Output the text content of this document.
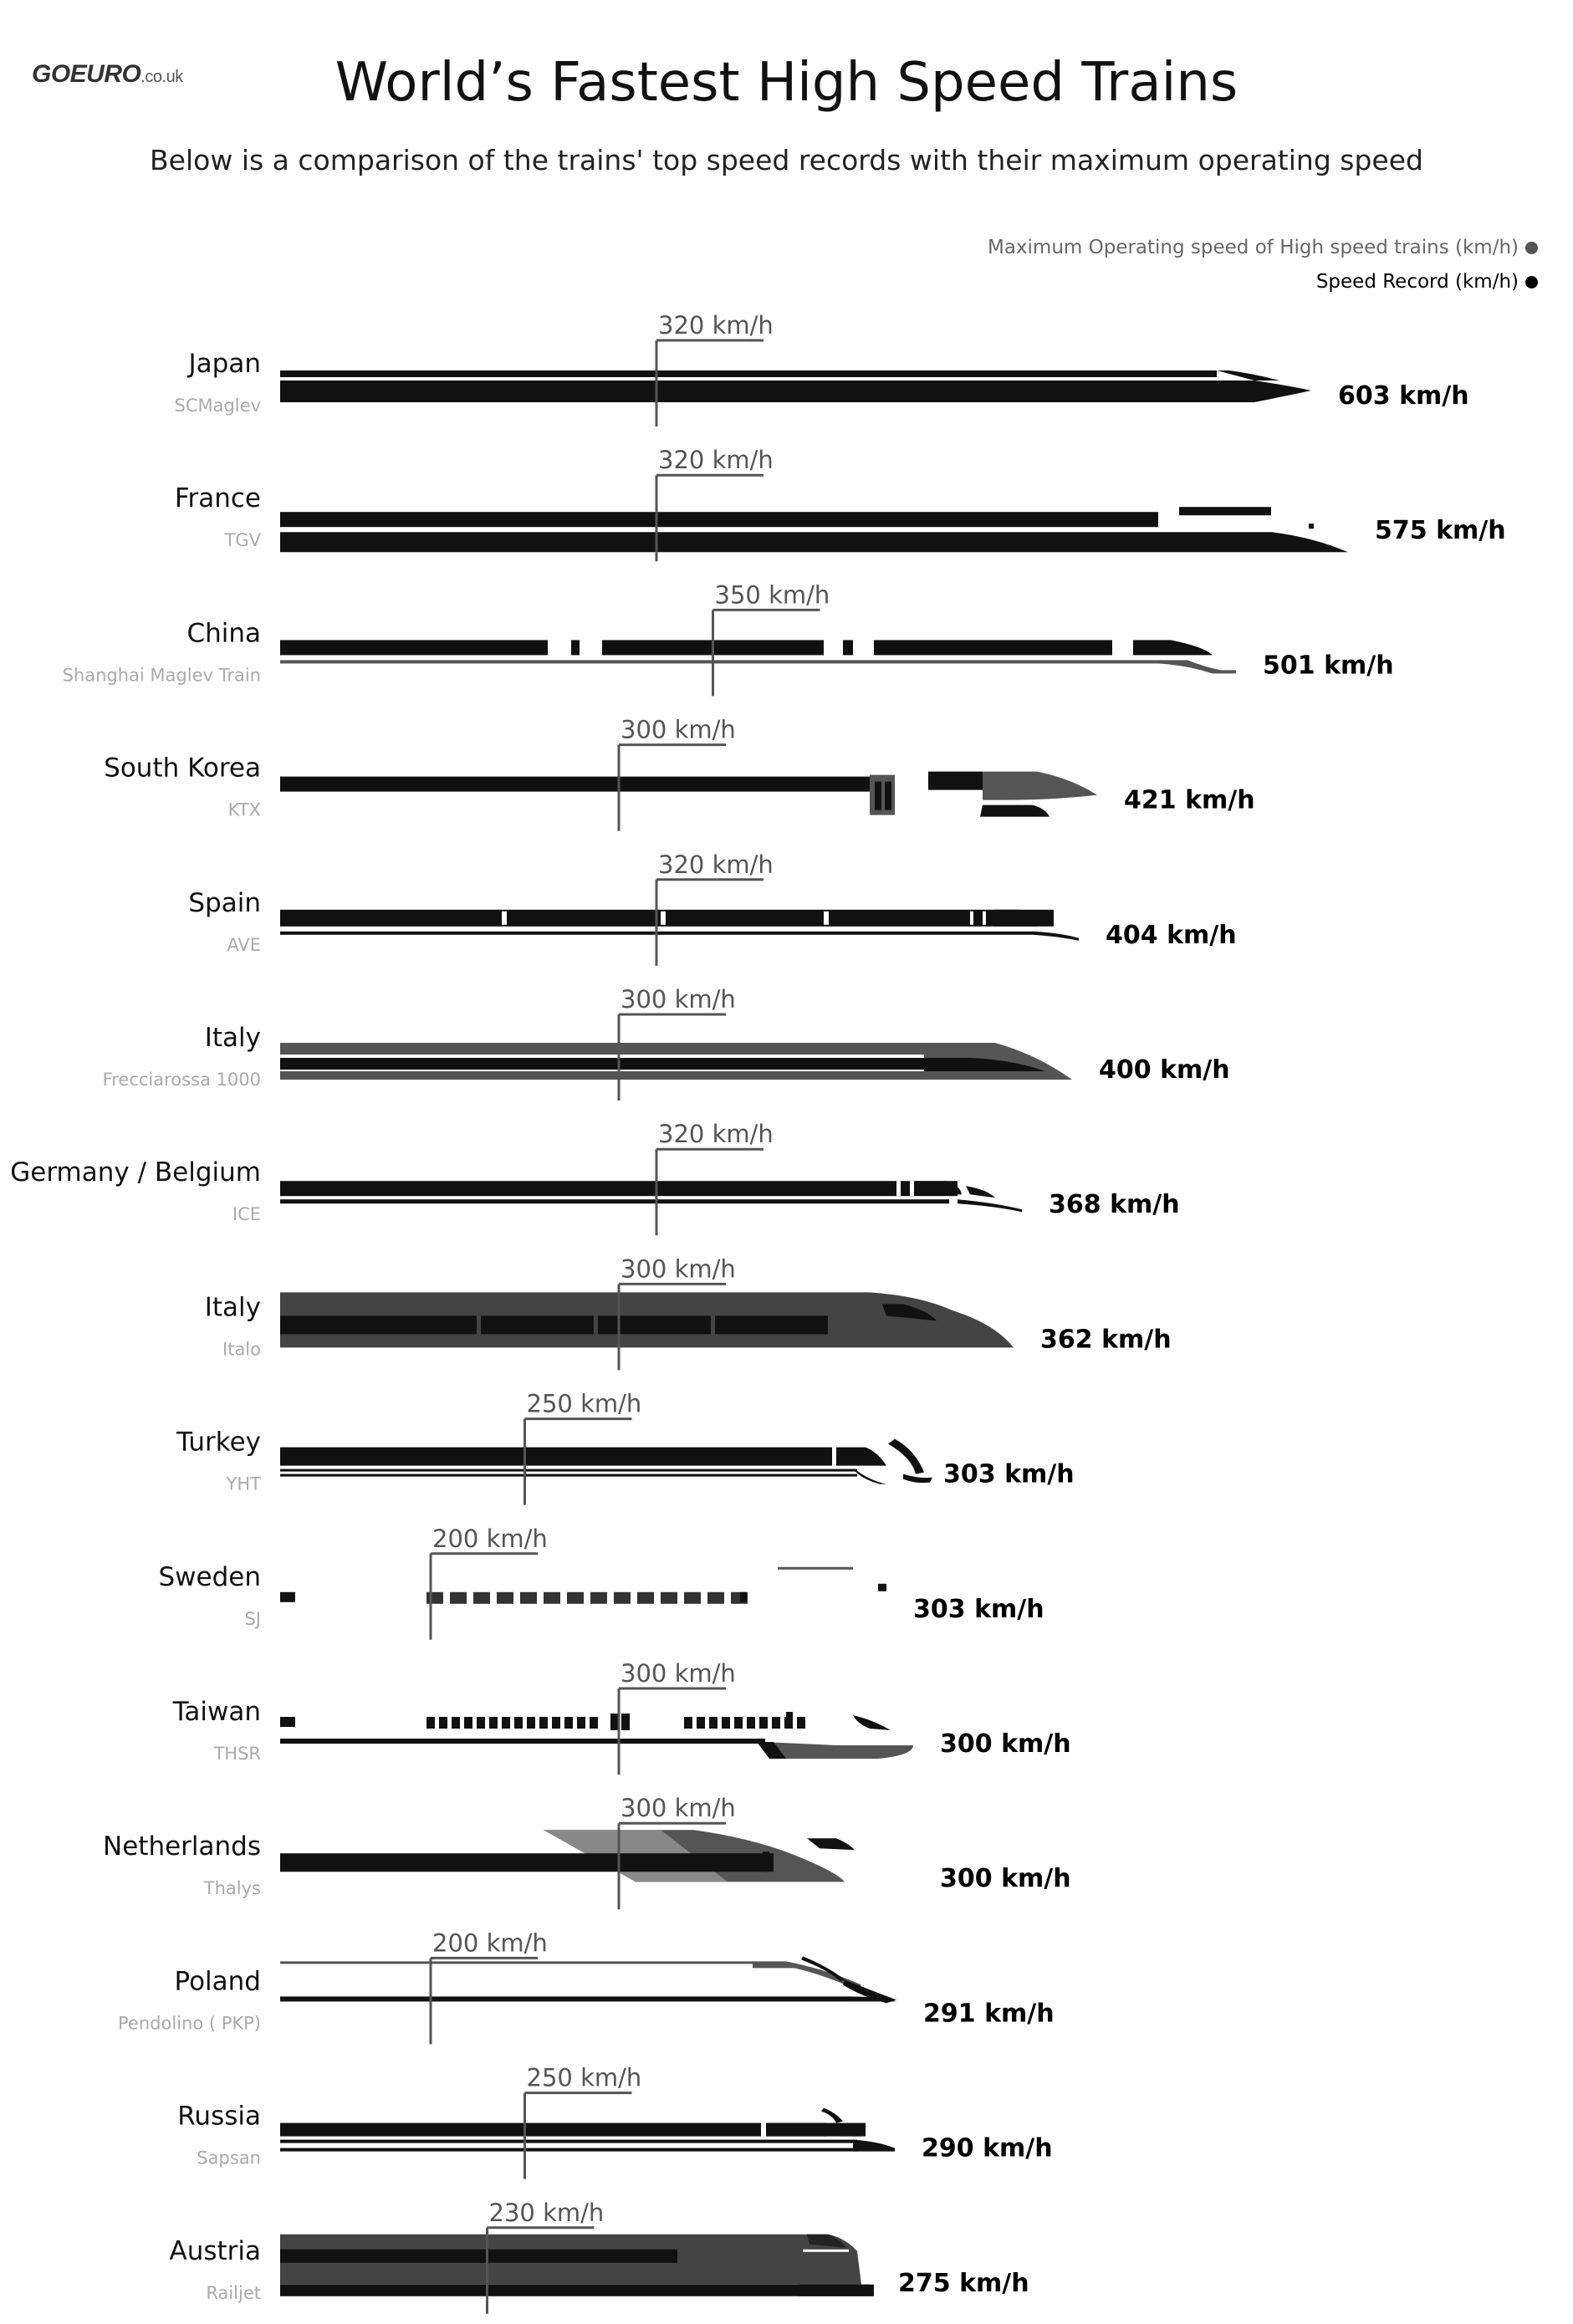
GOEURO.co.uk	World’s Fastest High Speed Trains
Below is a comparison of the trains' top speed records with their maximum operating speed
Maximum Operating speed of High speed trains (km/h)
Speed Record (km/h)
Japan
SCMaglev
320 km/h
603 km/h
France
TGV
320 km/h
575 km/h
China
Shanghai Maglev Train
350 km/h
501 km/h
South Korea
KTX
300 km/h
421 km/h
Spain
AVE
320 km/h
404 km/h
Italy
Frecciarossa 1000
300 km/h
400 km/h
Germany / Belgium
ICE
320 km/h
368 km/h
Italy
Italo
300 km/h
362 km/h
Turkey
YHT
250 km/h
303 km/h
Sweden
SJ
200 km/h
303 km/h
Taiwan
THSR
300 km/h
300 km/h
Netherlands
Thalys
300 km/h
300 km/h
Poland
Pendolino ( PKP)
200 km/h
291 km/h
Russia
Sapsan
250 km/h
290 km/h
Austria
Railjet
230 km/h
275 km/h
